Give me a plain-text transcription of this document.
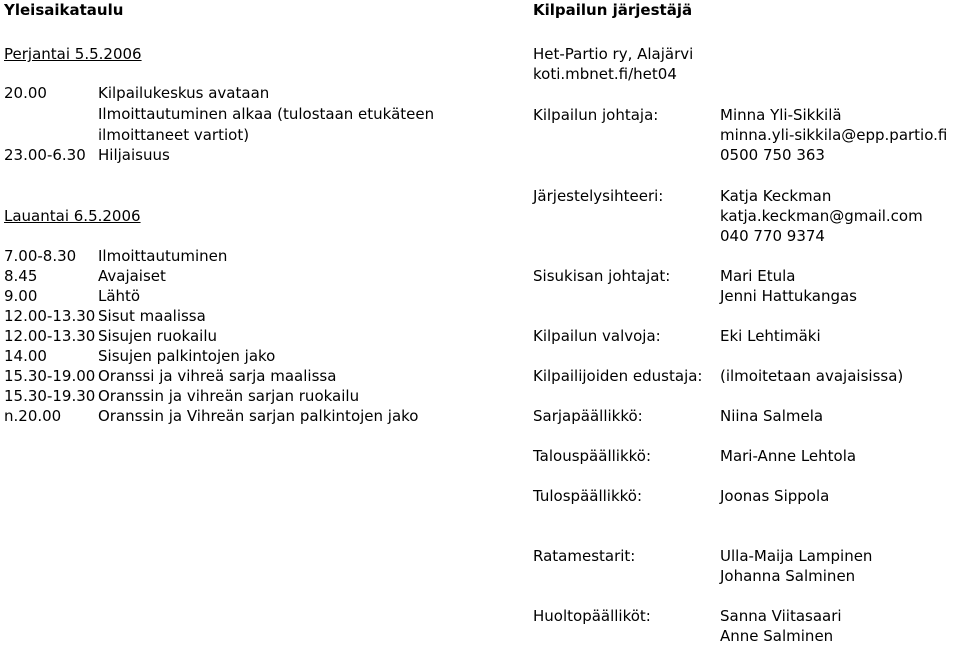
Yleisaikataulu
Perjantai 5.5.2006
20.00	Kilpailukeskus avataan
Ilmoittautuminen alkaa (tulostaan etukäteen
ilmoittaneet vartiot)
23.00-6.30 Hiljaisuus
Lauantai 6.5.2006
7.00-8.30 Ilmoittautuminen
8.45	Avajaiset
9.00	Lähtö
12.00-13.30 Sisut maalissa
12.00-13.30 Sisujen ruokailu
14.00	Sisujen palkintojen jako
15.30-19.00 Oranssi ja vihreä sarja maalissa
15.30-19.30 Oranssin ja vihreän sarjan ruokailu
n.20.00 Oranssin ja Vihreän sarjan palkintojen jako
Kilpailun järjestäjä
Het-Partio ry, Alajärvi
koti.mbnet.fi/het04
Kilpailun johtaja:	Minna Yli-Sikkilä
minna.yli-sikkila@epp.partio.fi
0500 750 363
Järjestelysihteeri:	Katja Keckman
katja.keckman@gmail.com
040 770 9374
Sisukisan johtajat:	Mari Etula
Jenni Hattukangas
Kilpailun valvoja:	Eki Lehtimäki
Kilpailijoiden edustaja: (ilmoitetaan avajaisissa)
Sarjapäällikkö:	Niina Salmela
Talouspäällikkö:	Mari-Anne Lehtola
Tulospäällikkö:	Joonas Sippola
Ratamestarit:	Ulla-Maija Lampinen
Johanna Salminen
Huoltopäälliköt:	Sanna Viitasaari
Anne Salminen
